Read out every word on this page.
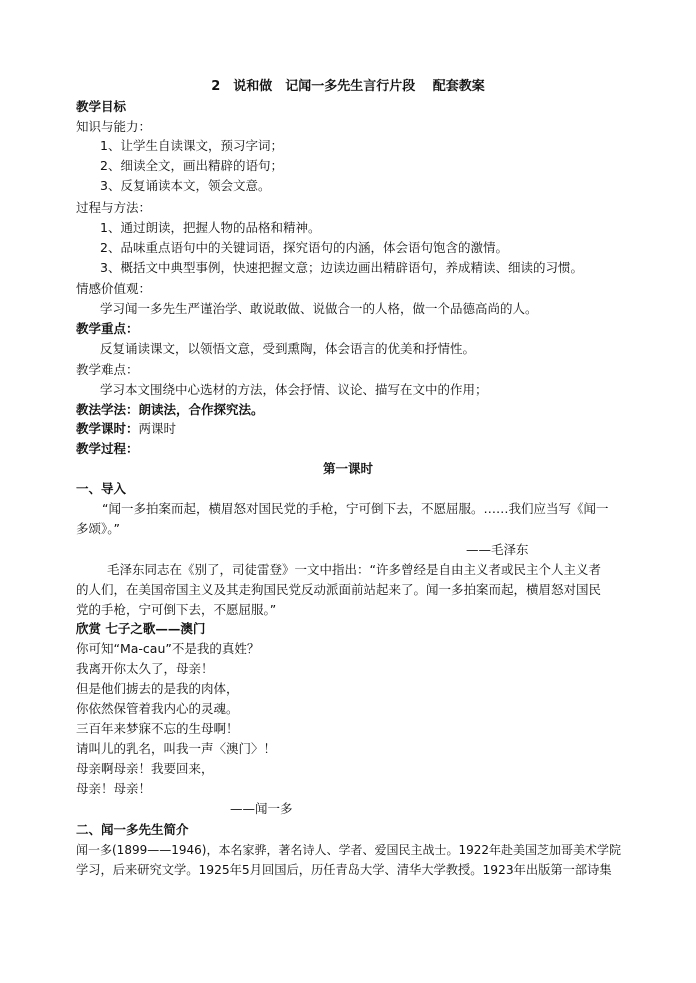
2　说和做　记闻一多先生言行片段　 配套教案
教学目标
知识与能力：
1、让学生自读课文，预习字词；
2、细读全文，画出精辟的语句；
3、反复诵读本文，领会文意。
过程与方法：
1、通过朗读，把握人物的品格和精神。
2、品味重点语句中的关键词语，探究语句的内涵，体会语句饱含的激情。
3、概括文中典型事例，快速把握文意；边读边画出精辟语句，养成精读、细读的习惯。
情感价值观：
学习闻一多先生严谨治学、敢说敢做、说做合一的人格，做一个品德高尚的人。
教学重点：
反复诵读课文，以领悟文意，受到熏陶，体会语言的优美和抒情性。
教学难点：
学习本文围绕中心选材的方法，体会抒情、议论、描写在文中的作用；
教法学法：朗读法，合作探究法。
教学课时：两课时
教学过程：
第一课时
一、导入
“闻一多拍案而起，横眉怒对国民党的手枪，宁可倒下去，不愿屈服。……我们应当写《闻一
多颂》。”
——毛泽东
毛泽东同志在《别了，司徒雷登》一文中指出：“许多曾经是自由主义者或民主个人主义者
的人们，在美国帝国主义及其走狗国民党反动派面前站起来了。闻一多拍案而起，横眉怒对国民
党的手枪，宁可倒下去，不愿屈服。”
欣赏 七子之歌——澳门
你可知“Ma-cau”不是我的真姓？
我离开你太久了，母亲！
但是他们掳去的是我的肉体，
你依然保管着我内心的灵魂。
三百年来梦寐不忘的生母啊！
请叫儿的乳名，叫我一声〈澳门〉！
母亲啊母亲！我要回来，
母亲！母亲！
——闻一多
二、闻一多先生简介
闻一多(1899——1946)，本名家骅，著名诗人、学者、爱国民主战士。1922年赴美国芝加哥美术学院
学习，后来研究文学。1925年5月回国后，历任青岛大学、清华大学教授。1923年出版第一部诗集
